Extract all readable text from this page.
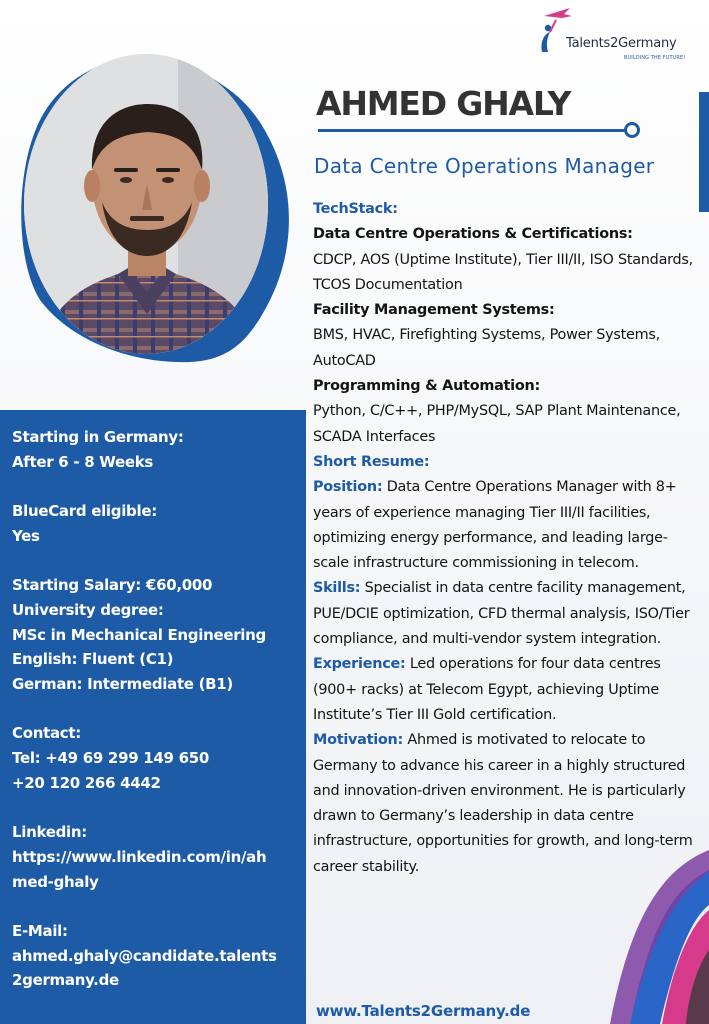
Talents2Germany
BUILDING THE FUTURE!
AHMED GHALY
Data Centre Operations Manager

TechStack:

Data Centre Operations & Certifications:

CDCP, AOS (Uptime Institute), Tier III/II, ISO Standards, TCOS Documentation

Facility Management Systems:

BMS, HVAC, Firefighting Systems, Power Systems, AutoCAD

Programming & Automation:

Python, C/C++, PHP/MySQL, SAP Plant Maintenance, SCADA Interfaces

Short Resume:

Position: Data Centre Operations Manager with 8+ years of experience managing Tier III/II facilities, optimizing energy performance, and leading large-scale infrastructure commissioning in telecom.

Skills: Specialist in data centre facility management, PUE/DCIE optimization, CFD thermal analysis, ISO/Tier compliance, and multi-vendor system integration.

Experience: Led operations for four data centres (900+ racks) at Telecom Egypt, achieving Uptime Institute’s Tier III Gold certification.

Motivation: Ahmed is motivated to relocate to Germany to advance his career in a highly structured and innovation-driven environment. He is particularly drawn to Germany’s leadership in data centre infrastructure, opportunities for growth, and long-term career stability.

www.Talents2Germany.de
Starting in Germany:
After 6 - 8 Weeks
BlueCard eligible:
Yes
Starting Salary: €60,000
University degree:
MSc in Mechanical Engineering
English: Fluent (C1)
German: Intermediate (B1)
Contact:
Tel: +49 69 299 149 650
+20 120 266 4442
Linkedin:
https://www.linkedin.com/in/ah
med-ghaly
E-Mail:
ahmed.ghaly@candidate.talents
2germany.de
